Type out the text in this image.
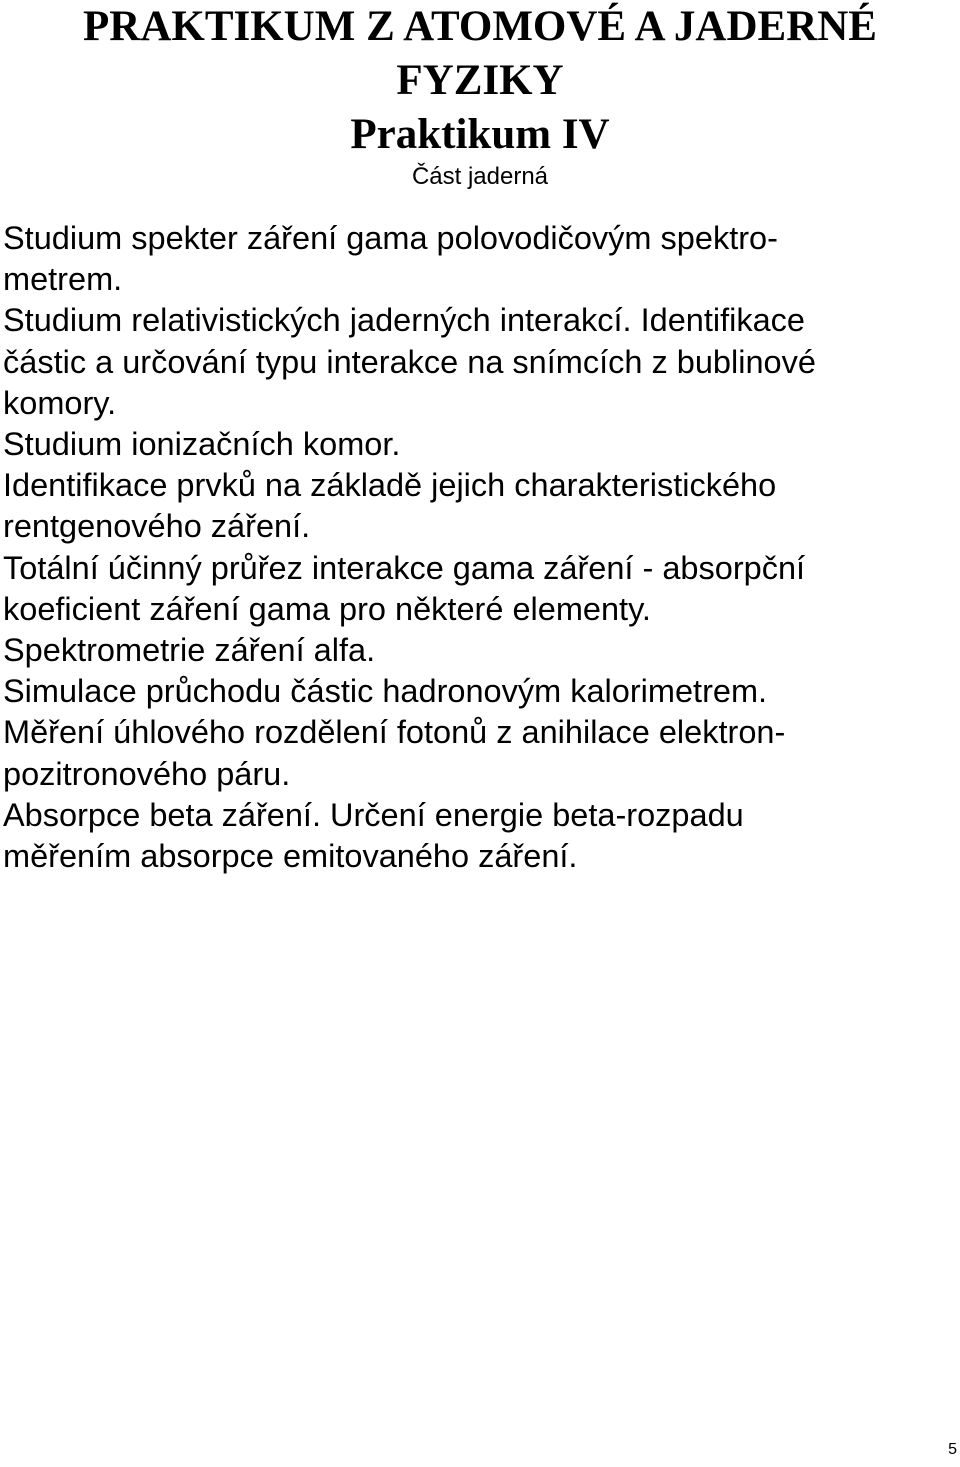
PRAKTIKUM Z ATOMOVÉ A JADERNÉ
FYZIKY
Praktikum IV

Část jaderná

Studium spekter záření gama polovodičovým spektro-
metrem.
Studium relativistických jaderných interakcí. Identifikace
částic a určování typu interakce na snímcích z bublinové
komory.
Studium ionizačních komor.
Identifikace prvků na základě jejich charakteristického
rentgenového záření.
Totální účinný průřez interakce gama záření - absorpční
koeficient záření gama pro některé elementy.
Spektrometrie záření alfa.
Simulace průchodu částic hadronovým kalorimetrem.
Měření úhlového rozdělení fotonů z anihilace elektron-
pozitronového páru.
Absorpce beta záření. Určení energie beta-rozpadu
měřením absorpce emitovaného záření.
5
